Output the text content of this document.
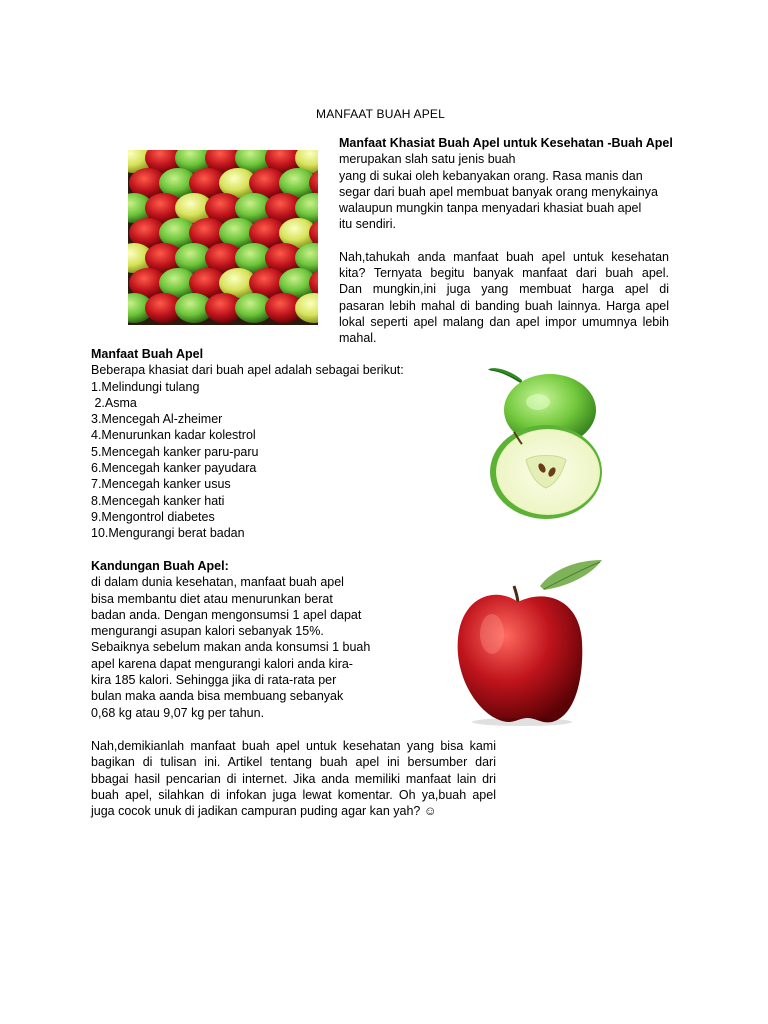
MANFAAT BUAH APEL
Manfaat Khasiat Buah Apel untuk Kesehatan -Buah Apel
merupakan slah satu jenis buah
yang di sukai oleh kebanyakan orang. Rasa manis dan
segar dari buah apel membuat banyak orang menykainya
walaupun mungkin tanpa menyadari khasiat buah apel
itu sendiri.
Nah,tahukah anda manfaat buah apel untuk kesehatan
kita? Ternyata begitu banyak manfaat dari buah apel.
Dan mungkin,ini juga yang membuat harga apel di
pasaran lebih mahal di banding buah lainnya. Harga apel
lokal seperti apel malang dan apel impor umumnya lebih
mahal.
Manfaat Buah Apel
Beberapa khasiat dari buah apel adalah sebagai berikut:
1.Melindungi tulang
2.Asma
3.Mencegah Al-zheimer
4.Menurunkan kadar kolestrol
5.Mencegah kanker paru-paru
6.Mencegah kanker payudara
7.Mencegah kanker usus
8.Mencegah kanker hati
9.Mengontrol diabetes
10.Mengurangi berat badan
Kandungan Buah Apel:
di dalam dunia kesehatan, manfaat buah apel
bisa membantu diet atau menurunkan berat
badan anda. Dengan mengonsumsi 1 apel dapat
mengurangi asupan kalori sebanyak 15%.
Sebaiknya sebelum makan anda konsumsi 1 buah
apel karena dapat mengurangi kalori anda kira-
kira 185 kalori. Sehingga jika di rata-rata per
bulan maka aanda bisa membuang sebanyak
0,68 kg atau 9,07 kg per tahun.
Nah,demikianlah manfaat buah apel untuk kesehatan yang bisa kami
bagikan di tulisan ini. Artikel tentang buah apel ini bersumber dari
bbagai hasil pencarian di internet. Jika anda memiliki manfaat lain dri
buah apel, silahkan di infokan juga lewat komentar. Oh ya,buah apel
juga cocok unuk di jadikan campuran puding agar kan yah? ☺
